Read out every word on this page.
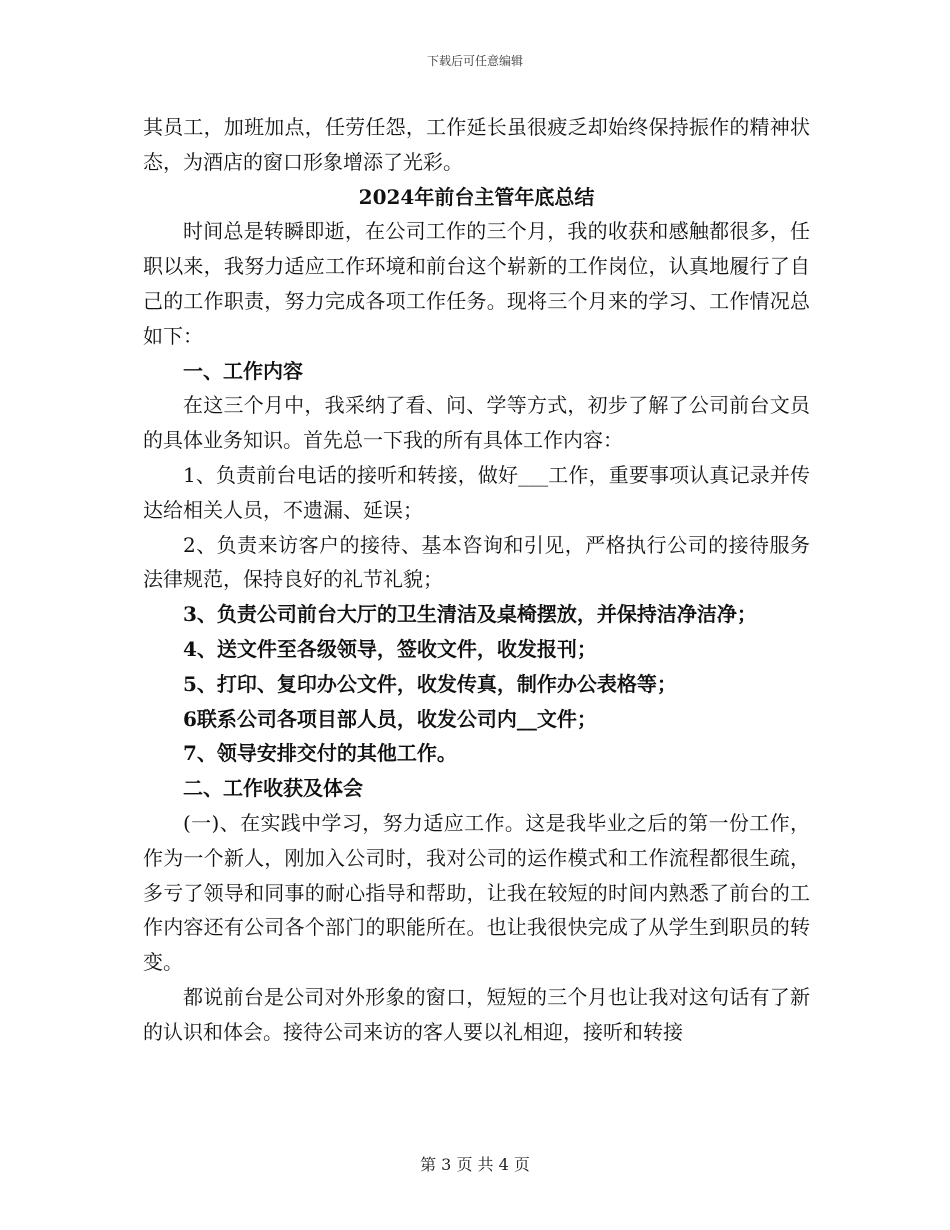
下载后可任意编辑

其员工，加班加点，任劳任怨，工作延长虽很疲乏却始终保持振作的精神状态，为酒店的窗口形象增添了光彩。

2024年前台主管年底总结

时间总是转瞬即逝，在公司工作的三个月，我的收获和感触都很多，任职以来，我努力适应工作环境和前台这个崭新的工作岗位，认真地履行了自己的工作职责，努力完成各项工作任务。现将三个月来的学习、工作情况总如下：

一、工作内容

在这三个月中，我采纳了看、问、学等方式，初步了解了公司前台文员的具体业务知识。首先总一下我的所有具体工作内容：

1、负责前台电话的接听和转接，做好___工作，重要事项认真记录并传达给相关人员，不遗漏、延误；

2、负责来访客户的接待、基本咨询和引见，严格执行公司的接待服务法律规范，保持良好的礼节礼貌；

3、负责公司前台大厅的卫生清洁及桌椅摆放，并保持洁净洁净；

4、送文件至各级领导，签收文件，收发报刊；

5、打印、复印办公文件，收发传真，制作办公表格等；

6联系公司各项目部人员，收发公司内__文件；

7、领导安排交付的其他工作。

二、工作收获及体会

(一)、在实践中学习，努力适应工作。这是我毕业之后的第一份工作，作为一个新人，刚加入公司时，我对公司的运作模式和工作流程都很生疏，多亏了领导和同事的耐心指导和帮助，让我在较短的时间内熟悉了前台的工作内容还有公司各个部门的职能所在。也让我很快完成了从学生到职员的转变。

都说前台是公司对外形象的窗口，短短的三个月也让我对这句话有了新的认识和体会。接待公司来访的客人要以礼相迎，接听和转接

第 3 页 共 4 页
